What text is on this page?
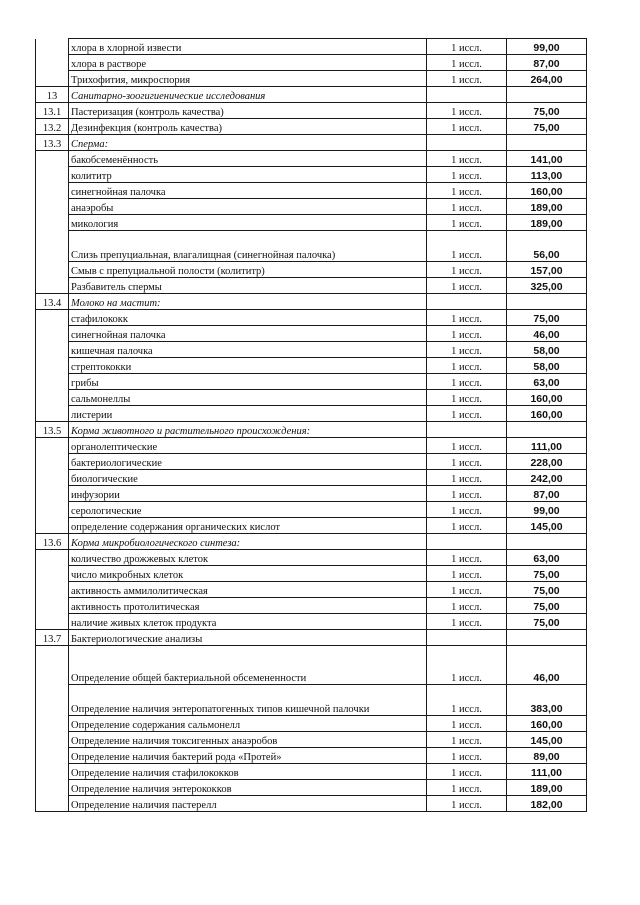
	хлора в хлорной извести	1 иссл.	99,00
	хлора в растворе	1 иссл.	87,00
	Трихофития, микроспория	1 иссл.	264,00
13	Санитарно-зоогигиенические исследования		
13.1	Пастеризация (контроль качества)	1 иссл.	75,00
13.2	Дезинфекция (контроль качества)	1 иссл.	75,00
13.3	Сперма:		
	бакобсеменённость	1 иссл.	141,00
	колититр	1 иссл.	113,00
	синегнойная палочка	1 иссл.	160,00
	анаэробы	1 иссл.	189,00
	микология	1 иссл.	189,00
	Слизь препуциальная, влагалищная (синегнойная палочка)	1 иссл.	56,00
	Смыв с препуциальной полости (колититр)	1 иссл.	157,00
	Разбавитель спермы	1 иссл.	325,00
13.4	Молоко на мастит:		
	стафилококк	1 иссл.	75,00
	синегнойная палочка	1 иссл.	46,00
	кишечная палочка	1 иссл.	58,00
	стрептококки	1 иссл.	58,00
	грибы	1 иссл.	63,00
	сальмонеллы	1 иссл.	160,00
	листерии	1 иссл.	160,00
13.5	Корма животного и растительного происхождения:		
	органолептические	1 иссл.	111,00
	бактериологические	1 иссл.	228,00
	биологические	1 иссл.	242,00
	инфузории	1 иссл.	87,00
	серологические	1 иссл.	99,00
	определение содержания органических кислот	1 иссл.	145,00
13.6	Корма микробиологического синтеза:		
	количество дрожжевых клеток	1 иссл.	63,00
	число микробных клеток	1 иссл.	75,00
	активность аммилолитическая	1 иссл.	75,00
	активность протолитическая	1 иссл.	75,00
	наличие живых клеток продукта	1 иссл.	75,00
13.7	Бактериологические анализы		
	Определение общей бактериальной обсемененности	1 иссл.	46,00
	Определение наличия энтеропатогенных типов кишечной палочки	1 иссл.	383,00
	Определение содержания сальмонелл	1 иссл.	160,00
	Определение наличия токсигенных анаэробов	1 иссл.	145,00
	Определение наличия бактерий рода «Протей»	1 иссл.	89,00
	Определение наличия стафилококков	1 иссл.	111,00
	Определение наличия энтерококков	1 иссл.	189,00
	Определение наличия пастерелл	1 иссл.	182,00
